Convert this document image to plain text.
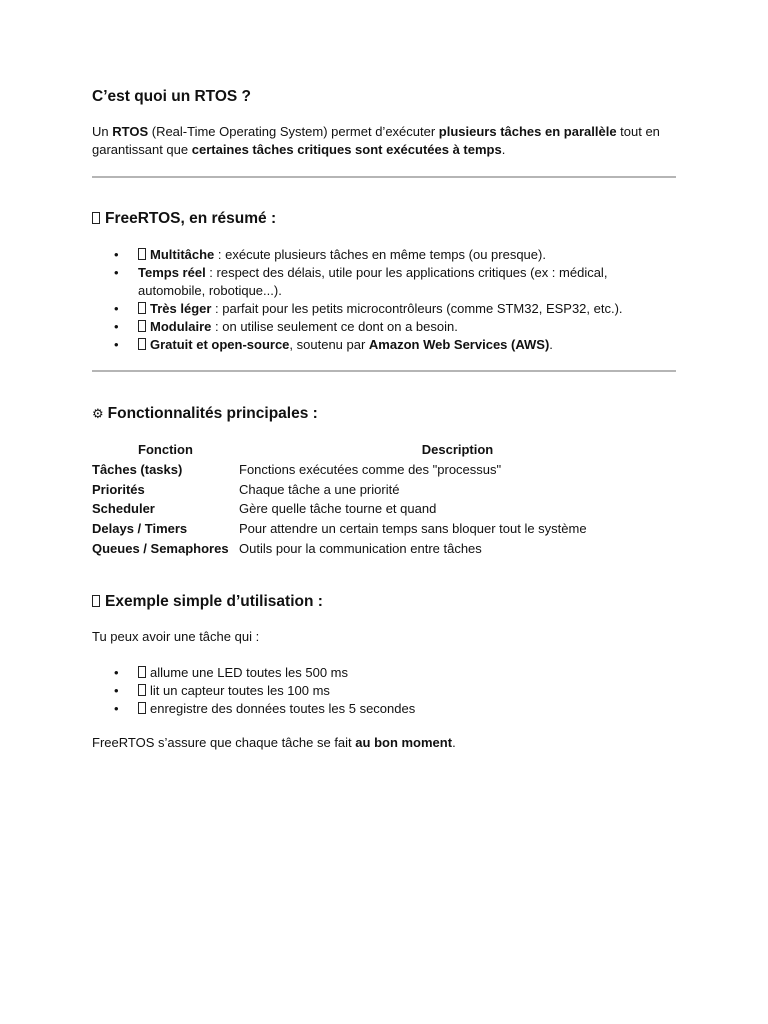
C’est quoi un RTOS ?

Un RTOS (Real-Time Operating System) permet d’exécuter plusieurs tâches en parallèle tout en garantissant que certaines tâches critiques sont exécutées à temps.

FreeRTOS, en résumé :
• Multitâche : exécute plusieurs tâches en même temps (ou presque).
• Temps réel : respect des délais, utile pour les applications critiques (ex : médical, automobile, robotique...).
• Très léger : parfait pour les petits microcontrôleurs (comme STM32, ESP32, etc.).
• Modulaire : on utilise seulement ce dont on a besoin.
• Gratuit et open-source, soutenu par Amazon Web Services (AWS).
⚙ Fonctionnalités principales :
Fonction	Description
Tâches (tasks)	Fonctions exécutées comme des "processus"
Priorités	Chaque tâche a une priorité
Scheduler	Gère quelle tâche tourne et quand
Delays / Timers	Pour attendre un certain temps sans bloquer tout le système
Queues / Semaphores	Outils pour la communication entre tâches
Exemple simple d’utilisation :

Tu peux avoir une tâche qui :

• allume une LED toutes les 500 ms
• lit un capteur toutes les 100 ms
• enregistre des données toutes les 5 secondes

FreeRTOS s’assure que chaque tâche se fait au bon moment.
